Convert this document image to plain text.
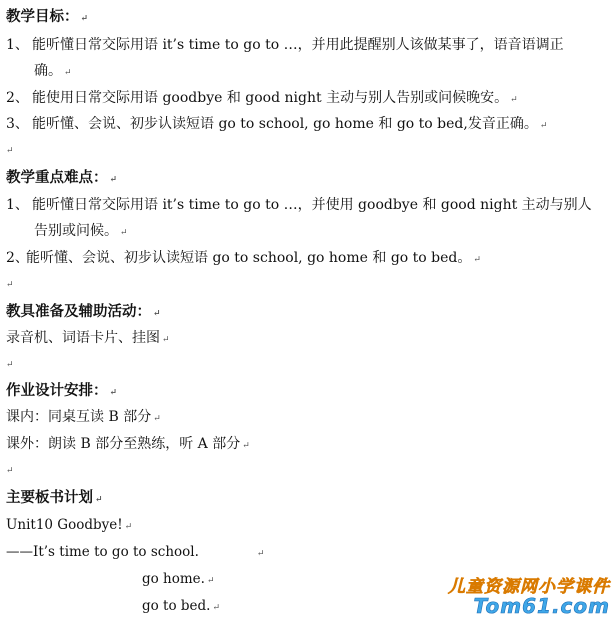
教学目标： ↵
1、 能听懂日常交际用语 it’s time to go to …，并用此提醒别人该做某事了，语音语调正
确。 ↵
2、 能使用日常交际用语 goodbye 和 good night 主动与别人告别或问候晚安。 ↵
3、 能听懂、会说、初步认读短语 go to school, go home 和 go to bed,发音正确。 ↵
↵
教学重点难点： ↵
1、 能听懂日常交际用语 it’s time to go to …，并使用 goodbye 和 good night 主动与别人
告别或问候。 ↵
2、能听懂、会说、初步认读短语 go to school, go home 和 go to bed。 ↵
↵
教具准备及辅助活动： ↵
录音机、词语卡片、挂图 ↵
↵
作业设计安排： ↵
课内：同桌互读 B 部分 ↵
课外：朗读 B 部分至熟练，听 A 部分 ↵
↵
主要板书计划 ↵
Unit10 Goodbye! ↵
——It’s time to go to school.	↵
go home. ↵
go to bed. ↵
儿童资源网小学课件
Tom61.com
